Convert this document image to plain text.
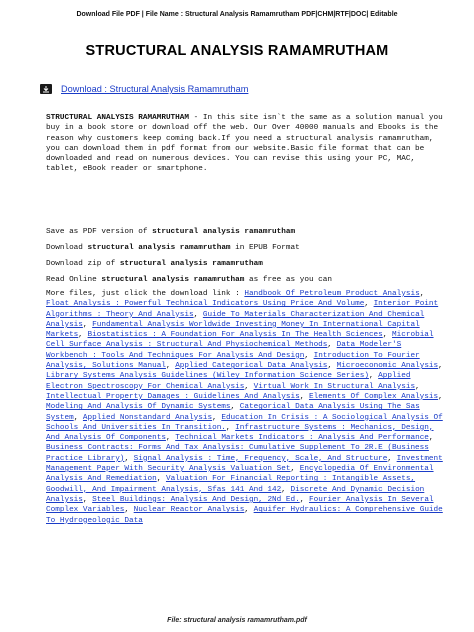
Download File PDF | File Name : Structural Analysis Ramamrutham PDF|CHM|RTF|DOC| Editable
STRUCTURAL ANALYSIS RAMAMRUTHAM
Download : Structural Analysis Ramamrutham
STRUCTURAL ANALYSIS RAMAMRUTHAM - In this site isn`t the same as a solution manual you buy in a book store or download off the web. Our Over 40000 manuals and Ebooks is the reason why customers keep coming back.If you need a structural analysis ramamrutham, you can download them in pdf format from our website.Basic file format that can be downloaded and read on numerous devices. You can revise this using your PC, MAC, tablet, eBook reader or smartphone.
Save as PDF version of structural analysis ramamrutham
Download structural analysis ramamrutham in EPUB Format
Download zip of structural analysis ramamrutham
Read Online structural analysis ramamrutham as free as you can
More files, just click the download link : Handbook Of Petroleum Product Analysis, Float Analysis : Powerful Technical Indicators Using Price And Volume, Interior Point Algorithms : Theory And Analysis, Guide To Materials Characterization And Chemical Analysis, Fundamental Analysis Worldwide Investing Money In International Capital Markets, Biostatistics : A Foundation For Analysis In The Health Sciences, Microbial Cell Surface Analysis : Structural And Physiochemical Methods, Data Modeler'S Workbench : Tools And Techniques For Analysis And Design, Introduction To Fourier Analysis, Solutions Manual, Applied Categorical Data Analysis, Microeconomic Analysis, Library Systems Analysis Guidelines (Wiley Information Science Series), Applied Electron Spectroscopy For Chemical Analysis, Virtual Work In Structural Analysis, Intellectual Property Damages : Guidelines And Analysis, Elements Of Complex Analysis, Modeling And Analysis Of Dynamic Systems, Categorical Data Analysis Using The Sas System, Applied Nonstandard Analysis, Education In Crisis : A Sociological Analysis Of Schools And Universities In Transition., Infrastructure Systems : Mechanics, Design, And Analysis Of Components, Technical Markets Indicators : Analysis And Performance, Business Contracts: Forms And Tax Analysis: Cumulative Supplement To 2R.E (Business Practice Library), Signal Analysis : Time, Frequency, Scale, And Structure, Investment Management Paper With Security Analysis Valuation Set, Encyclopedia Of Environmental Analysis And Remediation, Valuation For Financial Reporting : Intangible Assets, Goodwill, And Impairment Analysis, Sfas 141 And 142, Discrete And Dynamic Decision Analysis, Steel Buildings: Analysis And Design, 2Nd Ed., Fourier Analysis In Several Complex Variables, Nuclear Reactor Analysis, Aquifer Hydraulics: A Comprehensive Guide To Hydrogeologic Data
File: structural analysis ramamrutham.pdf
